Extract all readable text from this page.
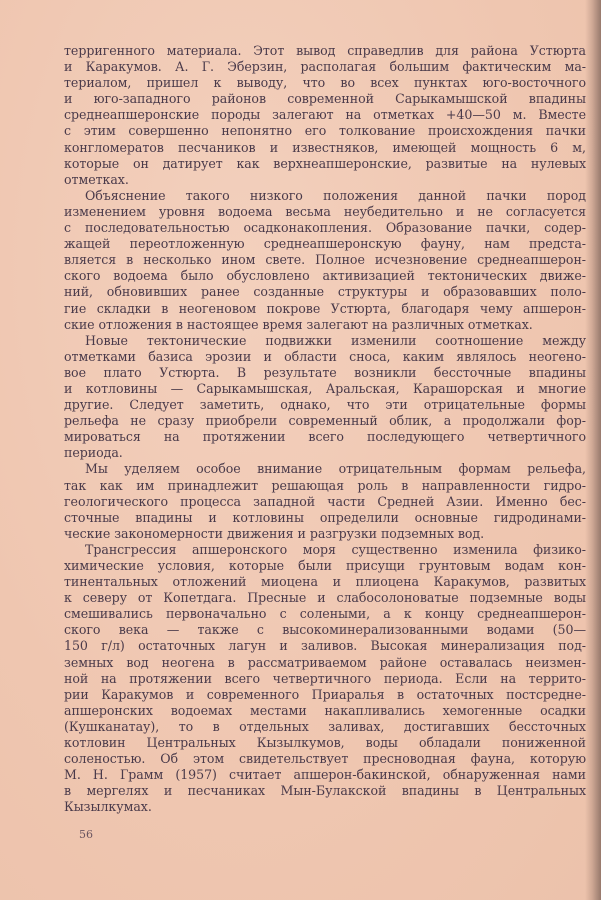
терригенного материала. Этот вывод справедлив для района Устюрта
и Каракумов. А. Г. Эберзин, располагая большим фактическим ма-
териалом, пришел к выводу, что во всех пунктах юго-восточного
и юго-западного районов современной Сарыкамышской впадины
среднеапшеронские породы залегают на отметках +40—50 м. Вместе
с этим совершенно непонятно его толкование происхождения пачки
конгломератов песчаников и известняков, имеющей мощность 6 м,
которые он датирует как верхнеапшеронские, развитые на нулевых
отметках.
Объяснение такого низкого положения данной пачки пород
изменением уровня водоема весьма неубедительно и не согласуется
с последовательностью осадконакопления. Образование пачки, содер-
жащей переотложенную среднеапшеронскую фауну, нам предста-
вляется в несколько ином свете. Полное исчезновение среднеапшерон-
ского водоема было обусловлено активизацией тектонических движе-
ний, обновивших ранее созданные структуры и образовавших поло-
гие складки в неогеновом покрове Устюрта, благодаря чему апшерон-
ские отложения в настоящее время залегают на различных отметках.
Новые тектонические подвижки изменили соотношение между
отметками базиса эрозии и области сноса, каким являлось неогено-
вое плато Устюрта. В результате возникли бессточные впадины
и котловины — Сарыкамышская, Аральская, Карашорская и многие
другие. Следует заметить, однако, что эти отрицательные формы
рельефа не сразу приобрели современный облик, а продолжали фор-
мироваться на протяжении всего последующего четвертичного
периода.
Мы уделяем особое внимание отрицательным формам рельефа,
так как им принадлежит решающая роль в направленности гидро-
геологического процесса западной части Средней Азии. Именно бес-
сточные впадины и котловины определили основные гидродинами-
ческие закономерности движения и разгрузки подземных вод.
Трансгрессия апшеронского моря существенно изменила физико-
химические условия, которые были присущи грунтовым водам кон-
тинентальных отложений миоцена и плиоцена Каракумов, развитых
к северу от Копетдага. Пресные и слабосолоноватые подземные воды
смешивались первоначально с солеными, а к концу среднеапшерон-
ского века — также с высокоминерализованными водами (50—
150 г/л) остаточных лагун и заливов. Высокая минерализация под-
земных вод неогена в рассматриваемом районе оставалась неизмен-
ной на протяжении всего четвертичного периода. Если на террито-
рии Каракумов и современного Приаралья в остаточных постсредне-
апшеронских водоемах местами накапливались хемогенные осадки
(Кушканатау), то в отдельных заливах, достигавших бессточных
котловин Центральных Кызылкумов, воды обладали пониженной
соленостью. Об этом свидетельствует пресноводная фауна, которую
М. Н. Грамм (1957) считает апшерон-бакинской, обнаруженная нами
в мергелях и песчаниках Мын-Булакской впадины в Центральных
Кызылкумах.
56
